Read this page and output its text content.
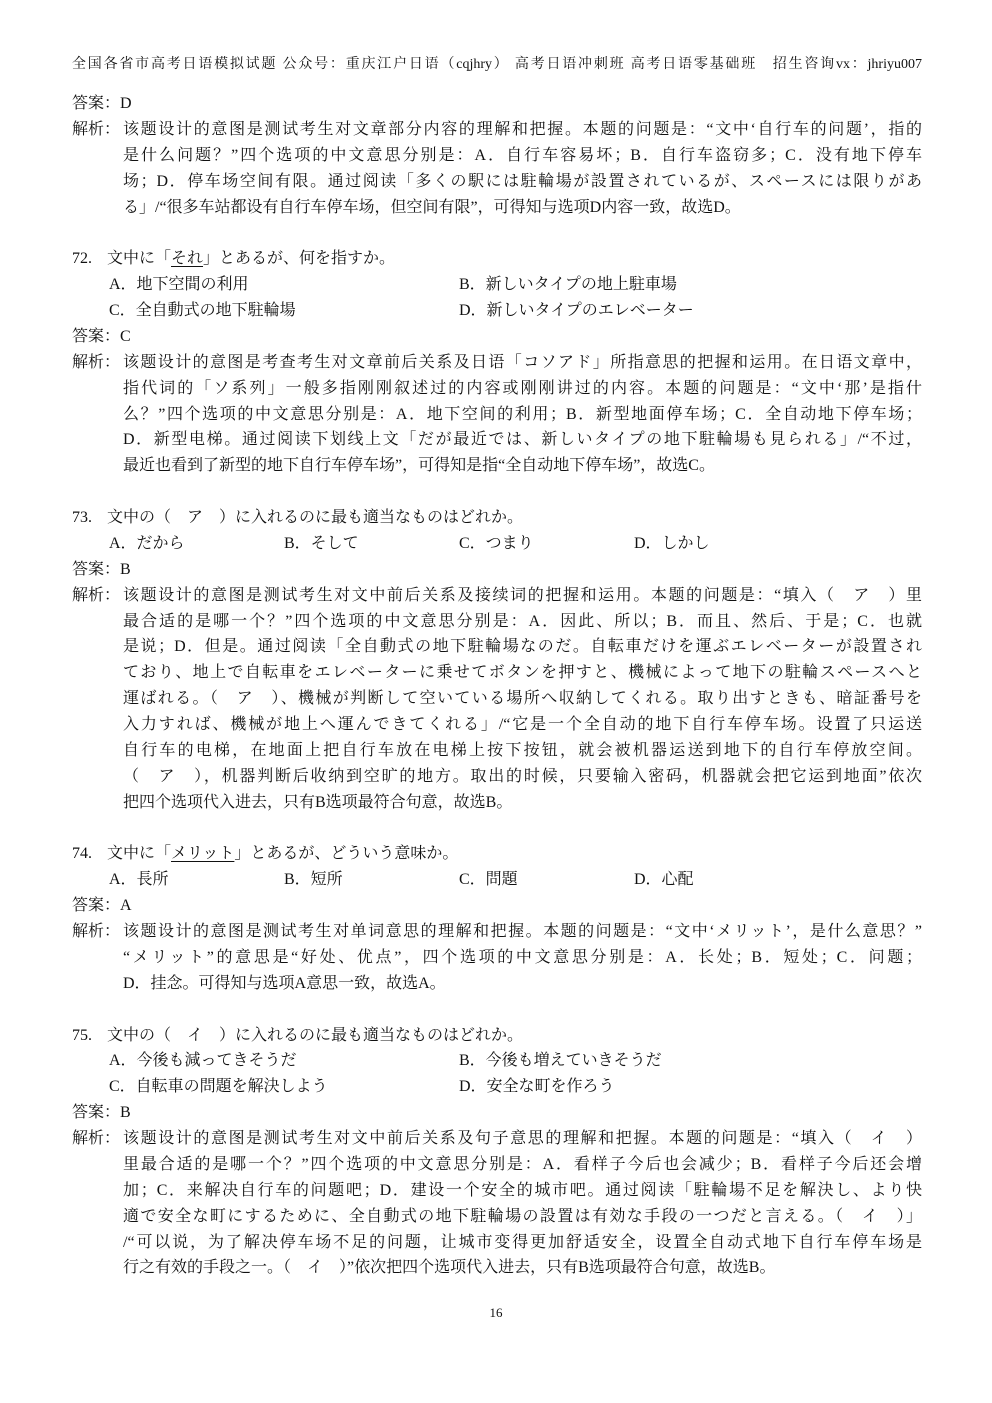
全国各省市高考日语模拟试题 公众号：重庆江户日语（cqjhry） 高考日语冲刺班 高考日语零基础班　招生咨询vx：jhriyu007
答案：D
解析： 该题设计的意图是测试考生对文章部分内容的理解和把握。本题的问题是：“文中‘自行车的问题’，指的
是什么问题？”四个选项的中文意思分别是：A．自行车容易坏；B．自行车盗窃多；C．没有地下停车
场；D．停车场空间有限。通过阅读「多くの駅には駐輪場が設置されているが、スペースには限りがあ
る」/“很多车站都设有自行车停车场，但空间有限”，可得知与选项D内容一致，故选D。
72. 文中に「それ」とあるが、何を指すか。
A．地下空間の利用	B．新しいタイプの地上駐車場
C．全自動式の地下駐輪場	D．新しいタイプのエレベーター
答案：C
解析： 该题设计的意图是考查考生对文章前后关系及日语「コソアド」所指意思的把握和运用。在日语文章中，
指代词的「ソ系列」一般多指刚刚叙述过的内容或刚刚讲过的内容。本题的问题是：“文中‘那’是指什
么？”四个选项的中文意思分别是：A．地下空间的利用；B．新型地面停车场；C．全自动地下停车场；
D．新型电梯。通过阅读下划线上文「だが最近では、新しいタイプの地下駐輪場も見られる」/“不过，
最近也看到了新型的地下自行车停车场”，可得知是指“全自动地下停车场”，故选C。
73. 文中の（　ア　）に入れるのに最も適当なものはどれか。
A．だから	B．そして	C．つまり	D．しかし
答案：B
解析： 该题设计的意图是测试考生对文中前后关系及接续词的把握和运用。本题的问题是：“填入（　ア　）里
最合适的是哪一个？”四个选项的中文意思分别是：A．因此、所以；B．而且、然后、于是；C．也就
是说；D．但是。通过阅读「全自動式の地下駐輪場なのだ。自転車だけを運ぶエレベーターが設置され
ており、地上で自転車をエレベーターに乗せてボタンを押すと、機械によって地下の駐輪スペースへと
運ばれる。（　ア　）、機械が判断して空いている場所へ収納してくれる。取り出すときも、暗証番号を
入力すれば、機械が地上へ運んできてくれる」/“它是一个全自动的地下自行车停车场。设置了只运送
自行车的电梯，在地面上把自行车放在电梯上按下按钮，就会被机器运送到地下的自行车停放空间。
（　ア　），机器判断后收纳到空旷的地方。取出的时候，只要输入密码，机器就会把它运到地面”依次
把四个选项代入进去，只有B选项最符合句意，故选B。
74. 文中に「メリット」とあるが、どういう意味か。
A．長所	B．短所	C．問題	D．心配
答案：A
解析： 该题设计的意图是测试考生对单词意思的理解和把握。本题的问题是：“文中‘メリット’，是什么意思？”
“メリット”的意思是“好处、优点”，四个选项的中文意思分别是：A．长处；B．短处；C．问题；
D．挂念。可得知与选项A意思一致，故选A。
75. 文中の（　イ　）に入れるのに最も適当なものはどれか。
A．今後も減ってきそうだ	B．今後も増えていきそうだ
C．自転車の問題を解決しよう	D．安全な町を作ろう
答案：B
解析： 该题设计的意图是测试考生对文中前后关系及句子意思的理解和把握。本题的问题是：“填入（　イ　）
里最合适的是哪一个？”四个选项的中文意思分别是：A．看样子今后也会减少；B．看样子今后还会增
加；C．来解决自行车的问题吧；D．建设一个安全的城市吧。通过阅读「駐輪場不足を解決し、より快
適で安全な町にするために、全自動式の地下駐輪場の設置は有効な手段の一つだと言える。（　イ　）」
/“可以说，为了解决停车场不足的问题，让城市变得更加舒适安全，设置全自动式地下自行车停车场是
行之有效的手段之一。（　イ　）”依次把四个选项代入进去，只有B选项最符合句意，故选B。
16
